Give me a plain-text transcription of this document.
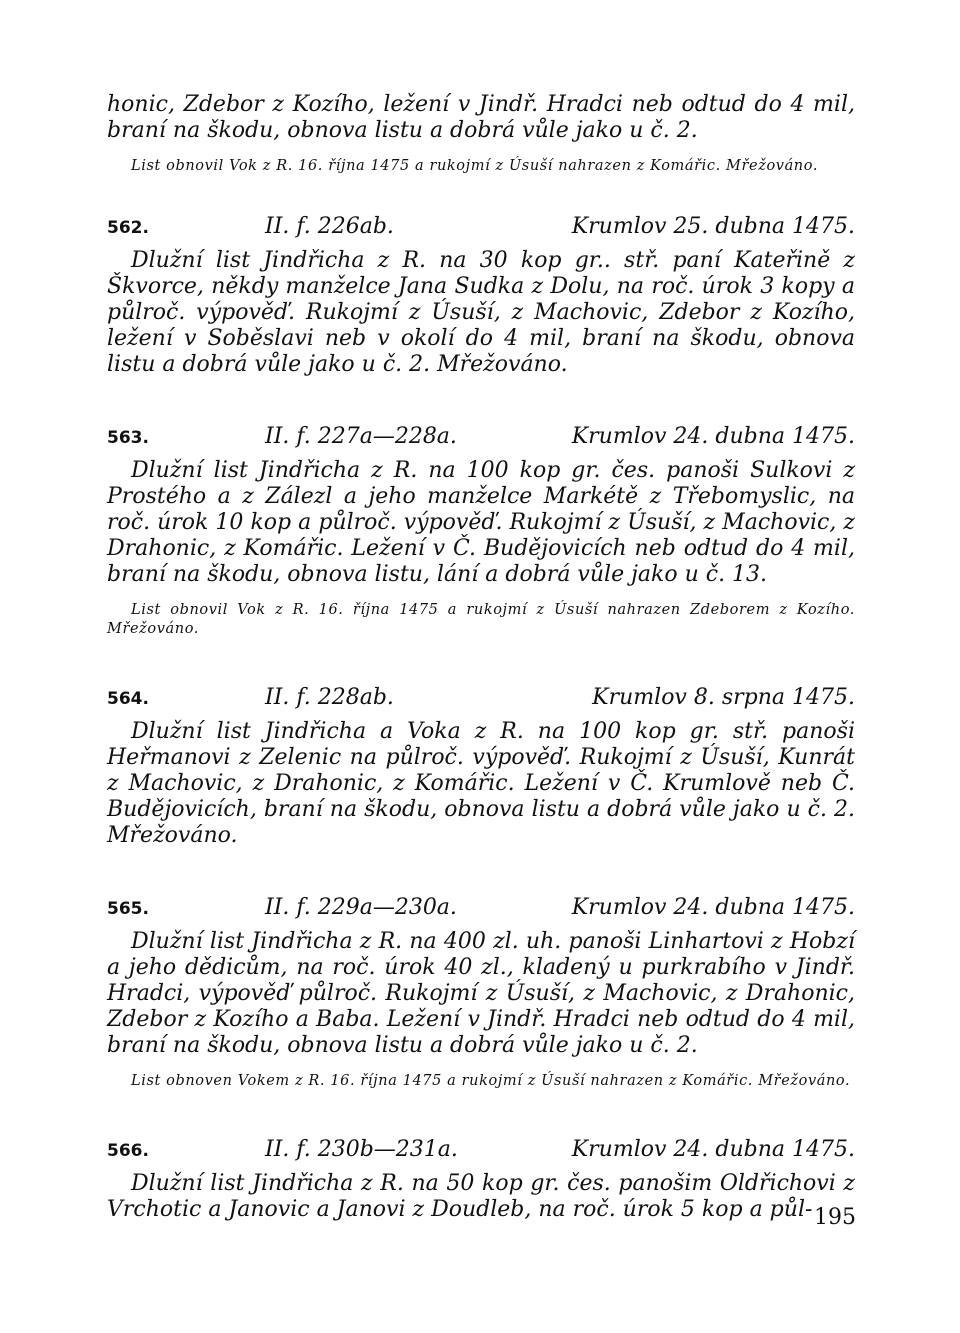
honic, Zdebor z Kozího, ležení v Jindř. Hradci neb odtud do 4 mil, braní na škodu, obnova listu a dobrá vůle jako u č. 2.

List obnovil Vok z R. 16. října 1475 a rukojmí z Úsuší nahrazen z Komářic. Mřežováno.

562.	II. f. 226ab.	Krumlov 25. dubna 1475.

Dlužní list Jindřicha z R. na 30 kop gr.. stř. paní Kateřině z Škvorce, někdy manželce Jana Sudka z Dolu, na roč. úrok 3 kopy a půlroč. výpověď. Rukojmí z Úsuší, z Machovic, Zdebor z Kozího, ležení v Soběslavi neb v okolí do 4 mil, braní na škodu, obnova listu a dobrá vůle jako u č. 2. Mřežováno.

563.	II. f. 227a—228a.	Krumlov 24. dubna 1475.

Dlužní list Jindřicha z R. na 100 kop gr. čes. panoši Sulkovi z Prostého a z Zálezl a jeho manželce Markétě z Třebomyslic, na roč. úrok 10 kop a půlroč. výpověď. Rukojmí z Úsuší, z Machovic, z Drahonic, z Komářic. Ležení v Č. Budějovicích neb odtud do 4 mil, braní na škodu, obnova listu, lání a dobrá vůle jako u č. 13.

List obnovil Vok z R. 16. října 1475 a rukojmí z Úsuší nahrazen Zdeborem z Kozího. Mřežováno.

564.	II. f. 228ab.	Krumlov 8. srpna 1475.

Dlužní list Jindřicha a Voka z R. na 100 kop gr. stř. panoši Heřmanovi z Zelenic na půlroč. výpověď. Rukojmí z Úsuší, Kunrát z Machovic, z Drahonic, z Komářic. Ležení v Č. Krumlově neb Č. Budějovicích, braní na škodu, obnova listu a dobrá vůle jako u č. 2. Mřežováno.

565.	II. f. 229a—230a.	Krumlov 24. dubna 1475.

Dlužní list Jindřicha z R. na 400 zl. uh. panoši Linhartovi z Hobzí a jeho dědicům, na roč. úrok 40 zl., kladený u purkrabího v Jindř. Hradci, výpověď půlroč. Rukojmí z Úsuší, z Machovic, z Drahonic, Zdebor z Kozího a Baba. Ležení v Jindř. Hradci neb odtud do 4 mil, braní na škodu, obnova listu a dobrá vůle jako u č. 2.

List obnoven Vokem z R. 16. října 1475 a rukojmí z Úsuší nahrazen z Komářic. Mřežováno.

566.	II. f. 230b—231a.	Krumlov 24. dubna 1475.

Dlužní list Jindřicha z R. na 50 kop gr. čes. panošim Oldřichovi z Vrchotic a Janovic a Janovi z Doudleb, na roč. úrok 5 kop a půl- 195
